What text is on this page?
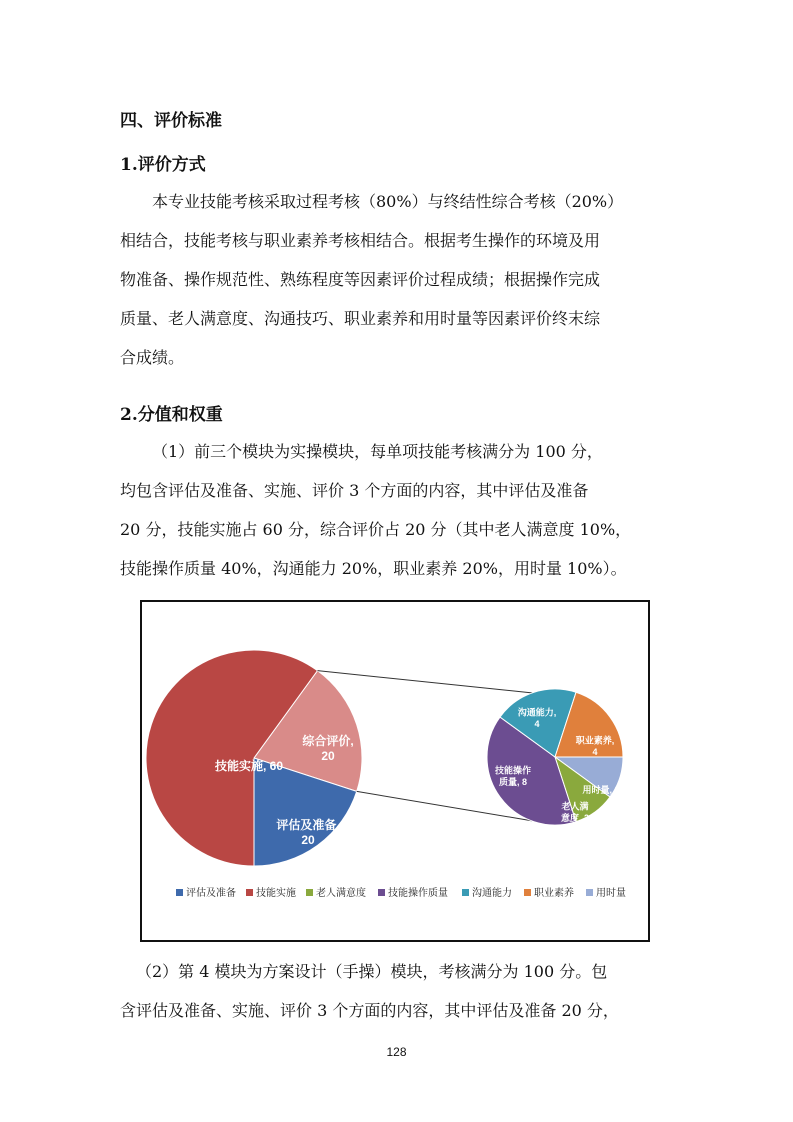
四、评价标准
1.评价方式
本专业技能考核采取过程考核（80%）与终结性综合考核（20%）
相结合，技能考核与职业素养考核相结合。根据考生操作的环境及用
物准备、操作规范性、熟练程度等因素评价过程成绩；根据操作完成
质量、老人满意度、沟通技巧、职业素养和用时量等因素评价终末综
合成绩。
2.分值和权重
（1）前三个模块为实操模块，每单项技能考核满分为 100 分，
均包含评估及准备、实施、评价 3 个方面的内容，其中评估及准备
20 分，技能实施占 60 分，综合评价占 20 分（其中老人满意度 10%，
技能操作质量 40%，沟通能力 20%，职业素养 20%，用时量 10%）。
评估及准备, 20
技能实施, 60
综合评价, 20
老人满意度, 2
技能操作质量, 8
沟通能力, 4
职业素养, 4
用时量, 2
评估及准备 技能实施 老人满意度 技能操作质量 沟通能力 职业素养 用时量
（2）第 4 模块为方案设计（手操）模块，考核满分为 100 分。包
含评估及准备、实施、评价 3 个方面的内容，其中评估及准备 20 分，
128
